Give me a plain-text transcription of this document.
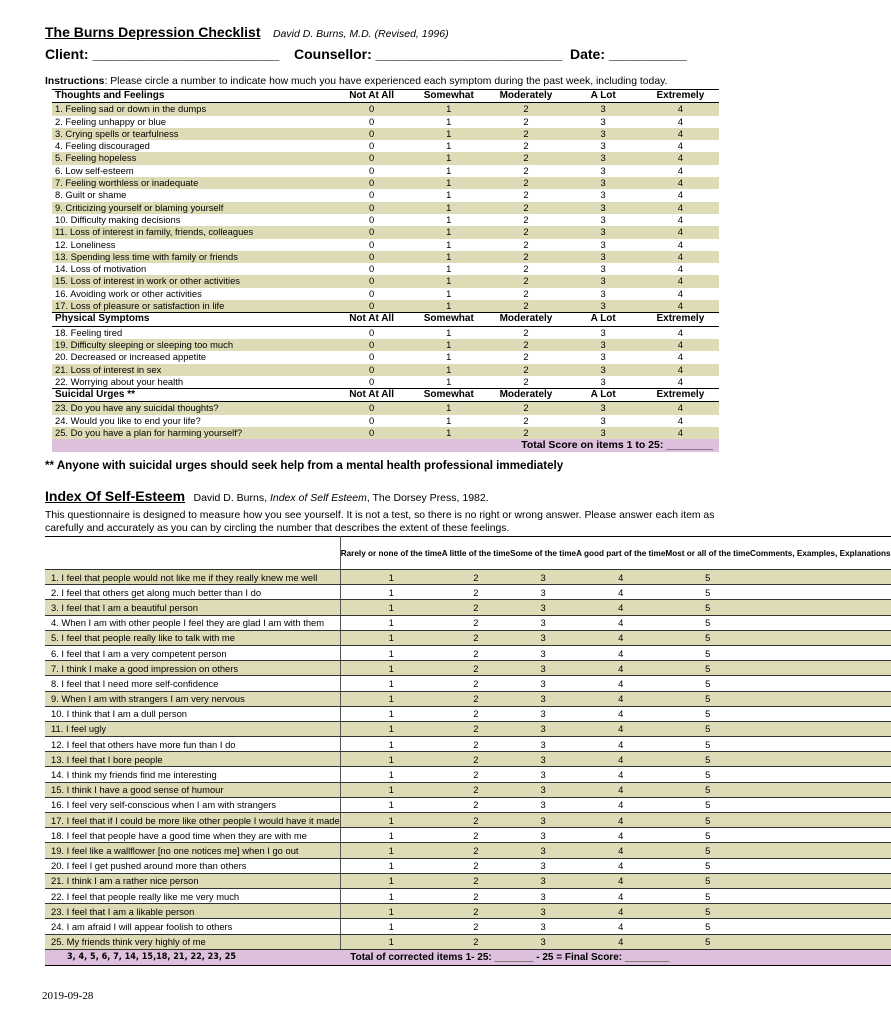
The Burns Depression Checklist David D. Burns, M.D. (Revised, 1996)
Client: ________________________ Counsellor: ________________________ Date: __________
Instructions: Please circle a number to indicate how much you have experienced each symptom during the past week, including today.
Thoughts and Feelings	Not At All	Somewhat	Moderately	A Lot	Extremely
1. Feeling sad or down in the dumps	0	1	2	3	4
2. Feeling unhappy or blue	0	1	2	3	4
3. Crying spells or tearfulness	0	1	2	3	4
4. Feeling discouraged	0	1	2	3	4
5. Feeling hopeless	0	1	2	3	4
6. Low self-esteem	0	1	2	3	4
7. Feeling worthless or inadequate	0	1	2	3	4
8. Guilt or shame	0	1	2	3	4
9. Criticizing yourself or blaming yourself	0	1	2	3	4
10. Difficulty making decisions	0	1	2	3	4
11. Loss of interest in family, friends, colleagues	0	1	2	3	4
12. Loneliness	0	1	2	3	4
13. Spending less time with family or friends	0	1	2	3	4
14. Loss of motivation	0	1	2	3	4
15. Loss of interest in work or other activities	0	1	2	3	4
16. Avoiding work or other activities	0	1	2	3	4
17. Loss of pleasure or satisfaction in life	0	1	2	3	4
Physical Symptoms	Not At All	Somewhat	Moderately	A Lot	Extremely
18. Feeling tired	0	1	2	3	4
19. Difficulty sleeping or sleeping too much	0	1	2	3	4
20. Decreased or increased appetite	0	1	2	3	4
21. Loss of interest in sex	0	1	2	3	4
22. Worrying about your health	0	1	2	3	4
Suicidal Urges **	Not At All	Somewhat	Moderately	A Lot	Extremely
23. Do you have any suicidal thoughts?	0	1	2	3	4
24. Would you like to end your life?	0	1	2	3	4
25. Do you have a plan for harming yourself?	0	1	2	3	4
Total Score on items 1 to 25: ________					
** Anyone with suicidal urges should seek help from a mental health professional immediately
Index Of Self-Esteem David D. Burns, Index of Self Esteem, The Dorsey Press, 1982.
This questionnaire is designed to measure how you see yourself. It is not a test, so there is no right or wrong answer. Please answer each item as carefully and accurately as you can by circling the number that describes the extent of these feelings.
	Rarely or none of the time	A little of the time	Some of the time	A good part of the time	Most or all of the time	Comments, Examples, Explanations
1. I feel that people would not like me if they really knew me well	1	2	3	4	5	
2. I feel that others get along much better than I do	1	2	3	4	5	
3. I feel that I am a beautiful person	1	2	3	4	5	
4. When I am with other people I feel they are glad I am with them	1	2	3	4	5	
5. I feel that people really like to talk with me	1	2	3	4	5	
6. I feel that I am a very competent person	1	2	3	4	5	
7. I think I make a good impression on others	1	2	3	4	5	
8. I feel that I need more self-confidence	1	2	3	4	5	
9. When I am with strangers I am very nervous	1	2	3	4	5	
10. I think that I am a dull person	1	2	3	4	5	
11. I feel ugly	1	2	3	4	5	
12. I feel that others have more fun than I do	1	2	3	4	5	
13. I feel that I bore people	1	2	3	4	5	
14. I think my friends find me interesting	1	2	3	4	5	
15. I think I have a good sense of humour	1	2	3	4	5	
16. I feel very self-conscious when I am with strangers	1	2	3	4	5	
17. I feel that if I could be more like other people I would have it made	1	2	3	4	5	
18. I feel that people have a good time when they are with me	1	2	3	4	5	
19. I feel like a wallflower [no one notices me] when I go out	1	2	3	4	5	
20. I feel I get pushed around more than others	1	2	3	4	5	
21. I think I am a rather nice person	1	2	3	4	5	
22. I feel that people really like me very much	1	2	3	4	5	
23. I feel that I am a likable person	1	2	3	4	5	
24. I am afraid I will appear foolish to others	1	2	3	4	5	
25. My friends think very highly of me	1	2	3	4	5	
3, 4, 5, 6, 7, 14, 15,18, 21, 22, 23, 25	Total of corrected items 1- 25: _______ - 25 = Final Score: ________					
2019-09-28
